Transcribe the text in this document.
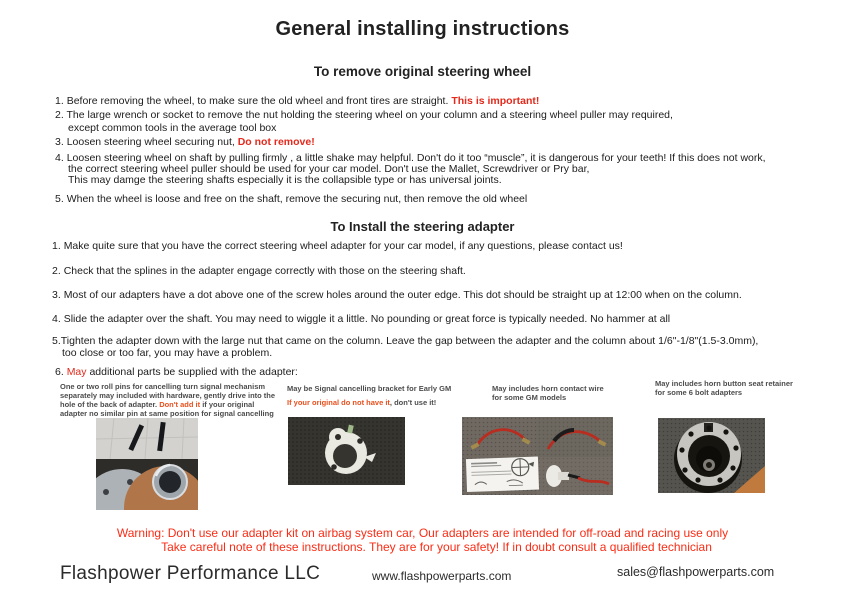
General installing instructions
To remove original steering wheel
1. Before removing the wheel, to make sure the old wheel and front tires are straight. This is important!
2. The large wrench or socket to remove the nut holding the steering wheel on your column and a steering wheel puller may required,
except common tools in the average tool box
3. Loosen steering wheel securing nut, Do not remove!
4. Loosen steering wheel on shaft by pulling firmly , a little shake may helpful. Don't do it too “muscle”, it is dangerous for your teeth! If this does not work,
the correct steering wheel puller should be used for your car model. Don't use the Mallet, Screwdriver or Pry bar,
This may damge the steering shafts especially it is the collapsible type or has universal joints.
5. When the wheel is loose and free on the shaft, remove the securing nut, then remove the old wheel
To Install the steering adapter
1. Make quite sure that you have the correct steering wheel adapter for your car model, if any questions, please contact us!
2. Check that the splines in the adapter engage correctly with those on the steering shaft.
3. Most of our adapters have a dot above one of the screw holes around the outer edge. This dot should be straight up at 12:00 when on the column.
4. Slide the adapter over the shaft. You may need to wiggle it a little. No pounding or great force is typically needed. No hammer at all
5.Tighten the adapter down with the large nut that came on the column. Leave the gap between the adapter and the column about 1/6"-1/8"(1.5-3.0mm),
too close or too far, you may have a problem.
6. May additional parts be supplied with the adapter:
One or two roll pins for cancelling turn signal mechanism
separately may included with hardware, gently drive into the
hole of the back of adapter. Don't add it if your original
adapter no similar pin at same position for signal cancelling
May be Signal cancelling bracket for Early GM
If your original do not have it, don't use it!
May includes horn contact wire
for some GM models
May includes horn button seat retainer
for some 6 bolt adapters
Warning: Don't use our adapter kit on airbag system car, Our adapters are intended for off-road and racing use only
Take careful note of these instructions. They are for your safety! If in doubt consult a qualified technician
Flashpower Performance LLC	www.flashpowerparts.com	sales@flashpowerparts.com
